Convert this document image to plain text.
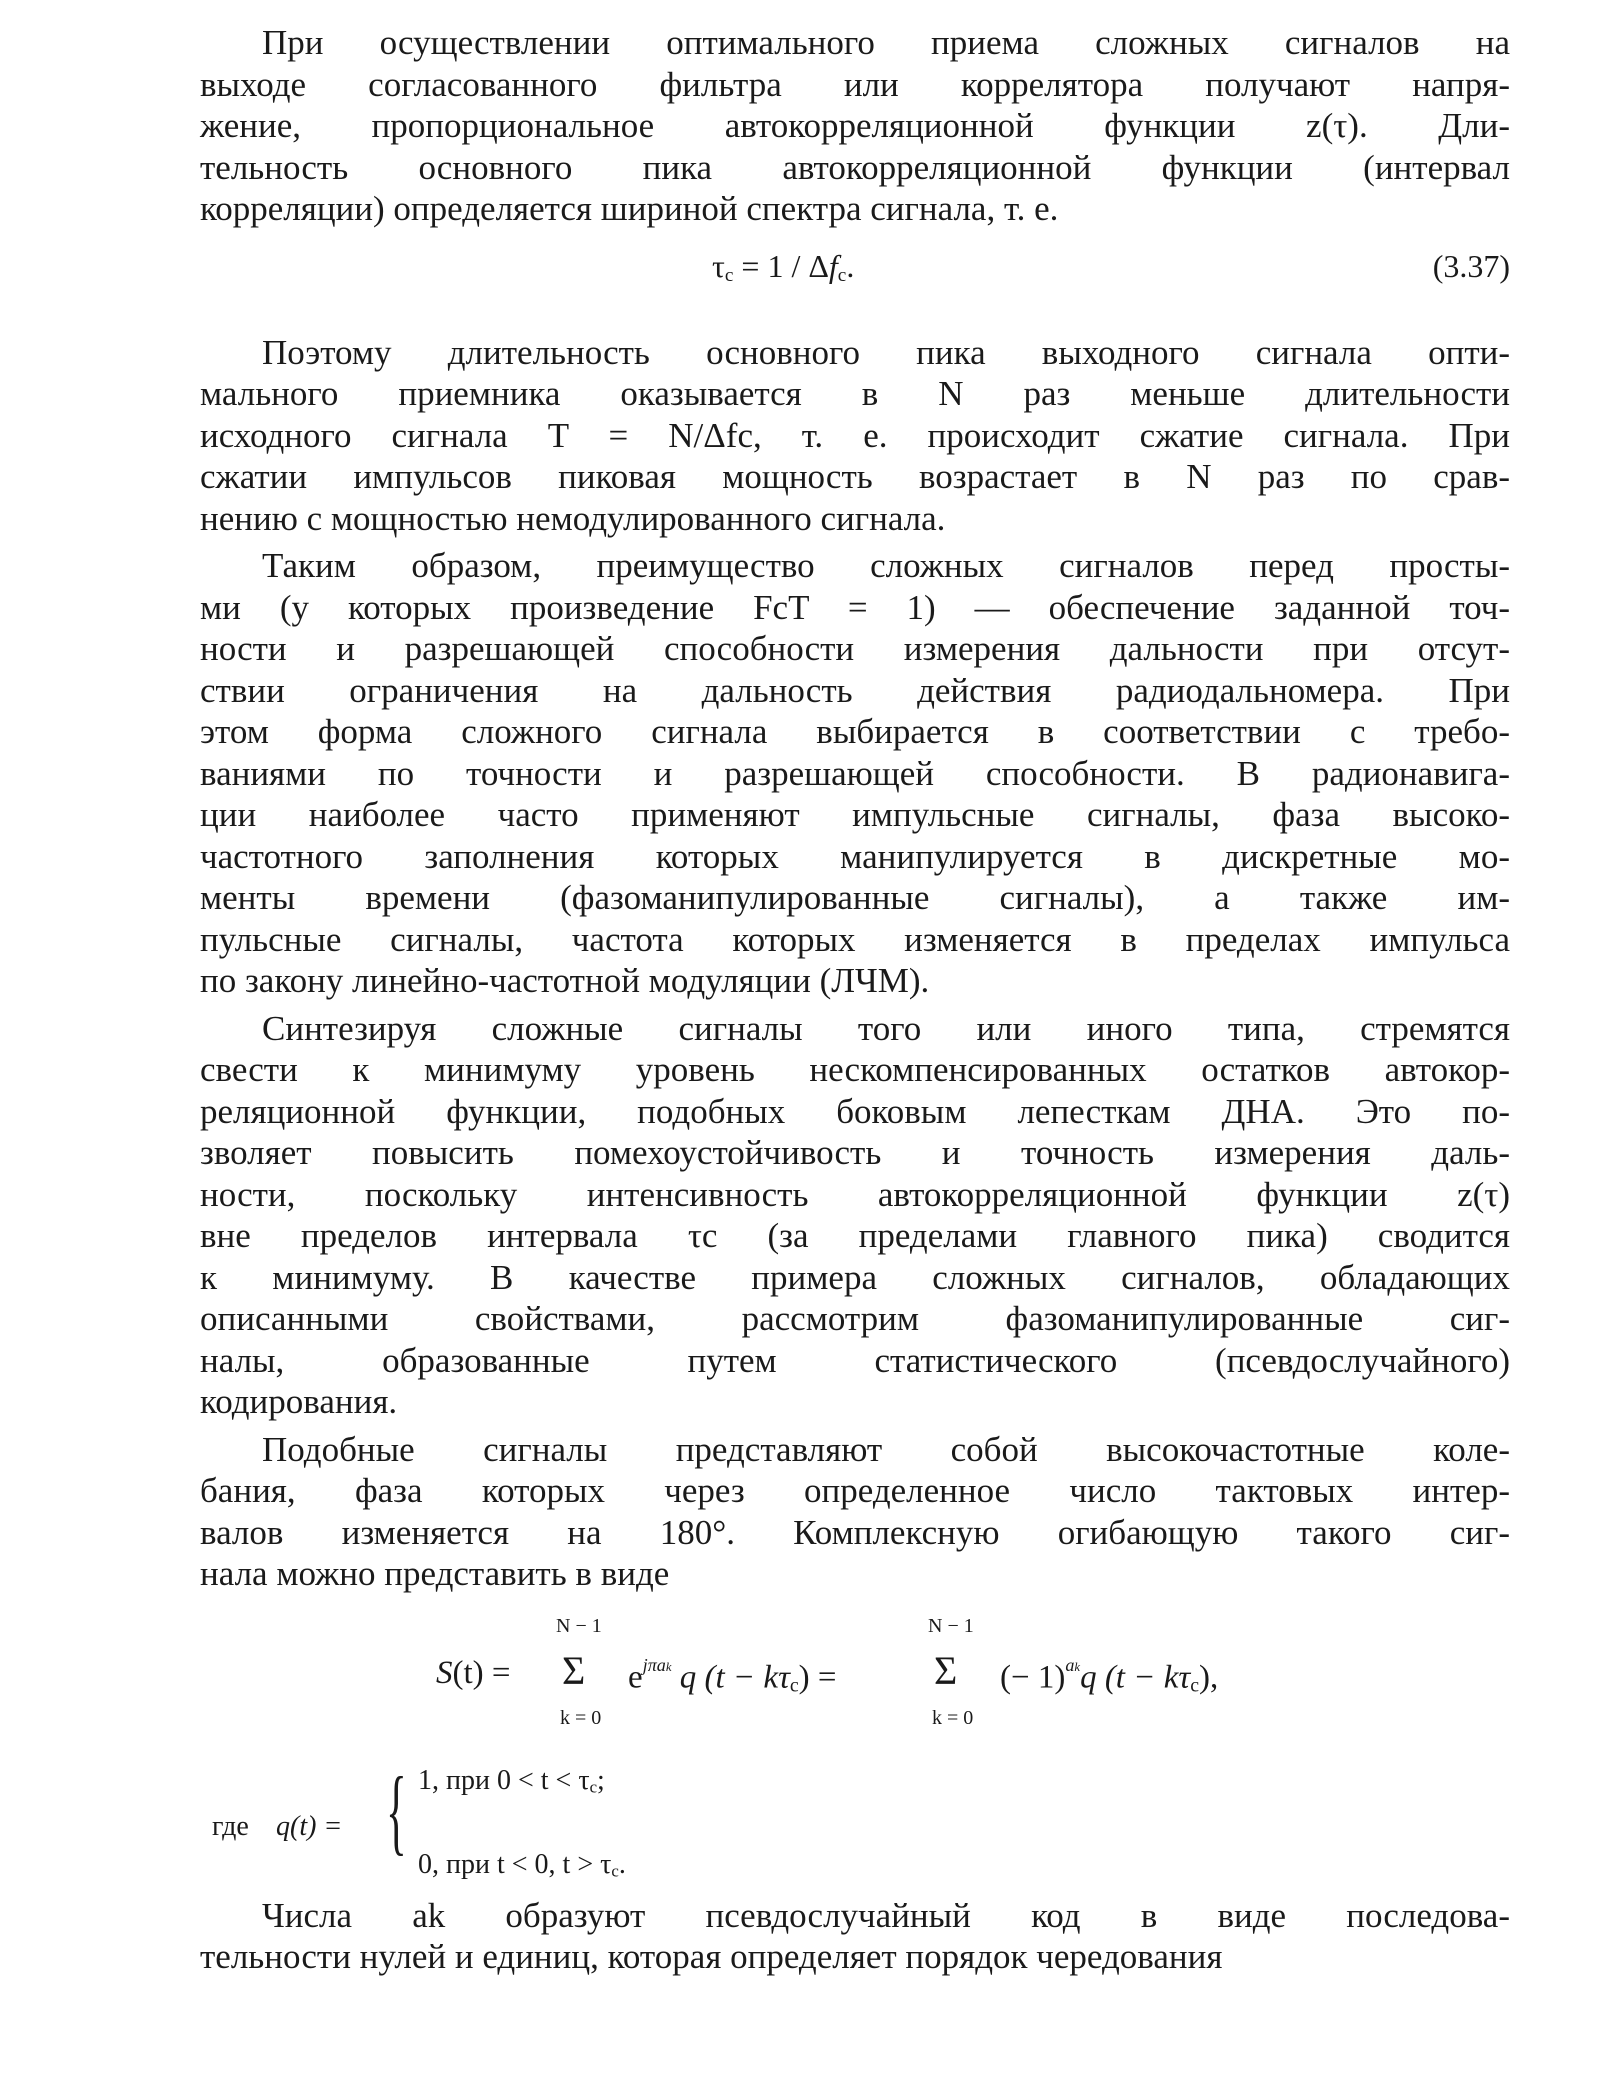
При осуществлении оптимального приема сложных сигналов на
выходе согласованного фильтра или коррелятора получают напря-
жение, пропорциональное автокорреляционной функции z(τ). Дли-
тельность основного пика автокорреляционной функции (интервал
корреляции) определяется шириной спектра сигнала, т. е.

$\tau_c = 1 / \Delta f_c$.	(3.37)

Поэтому длительность основного пика выходного сигнала опти-
мального приемника оказывается в N раз меньше длительности
исходного сигнала T = N/Δfc, т. е. происходит сжатие сигнала. При
сжатии импульсов пиковая мощность возрастает в N раз по срав-
нению с мощностью немодулированного сигнала.

Таким образом, преимущество сложных сигналов перед просты-
ми (у которых произведение FcT = 1) — обеспечение заданной точ-
ности и разрешающей способности измерения дальности при отсут-
ствии ограничения на дальность действия радиодальномера. При
этом форма сложного сигнала выбирается в соответствии с требо-
ваниями по точности и разрешающей способности. В радионавига-
ции наиболее часто применяют импульсные сигналы, фаза высоко-
частотного заполнения которых манипулируется в дискретные мо-
менты времени (фазоманипулированные сигналы), а также им-
пульсные сигналы, частота которых изменяется в пределах импульса
по закону линейно-частотной модуляции (ЛЧМ).

Синтезируя сложные сигналы того или иного типа, стремятся
свести к минимуму уровень нескомпенсированных остатков автокор-
реляционной функции, подобных боковым лепесткам ДНА. Это по-
зволяет повысить помехоустойчивость и точность измерения даль-
ности, поскольку интенсивность автокорреляционной функции z(τ)
вне пределов интервала τc (за пределами главного пика) сводится
к минимуму. В качестве примера сложных сигналов, обладающих
описанными свойствами, рассмотрим фазоманипулированные сиг-
налы, образованные путем статистического (псевдослучайного)
кодирования.

Подобные сигналы представляют собой высокочастотные коле-
бания, фаза которых через определенное число тактовых интер-
валов изменяется на 180°. Комплексную огибающую такого сиг-
нала можно представить в виде

S(t) =
N − 1
Σ
k = 0
$e^{j\pi ak}$ q (t − kτc) =
N − 1
Σ
k = 0
(− 1)$^{ak}$q (t − kτc),
где q(t) = { 1, при 0 < t < τc;
0, при t < 0, t > τc.

Числа ak образуют псевдослучайный код в виде последова-
тельности нулей и единиц, которая определяет порядок чередования
